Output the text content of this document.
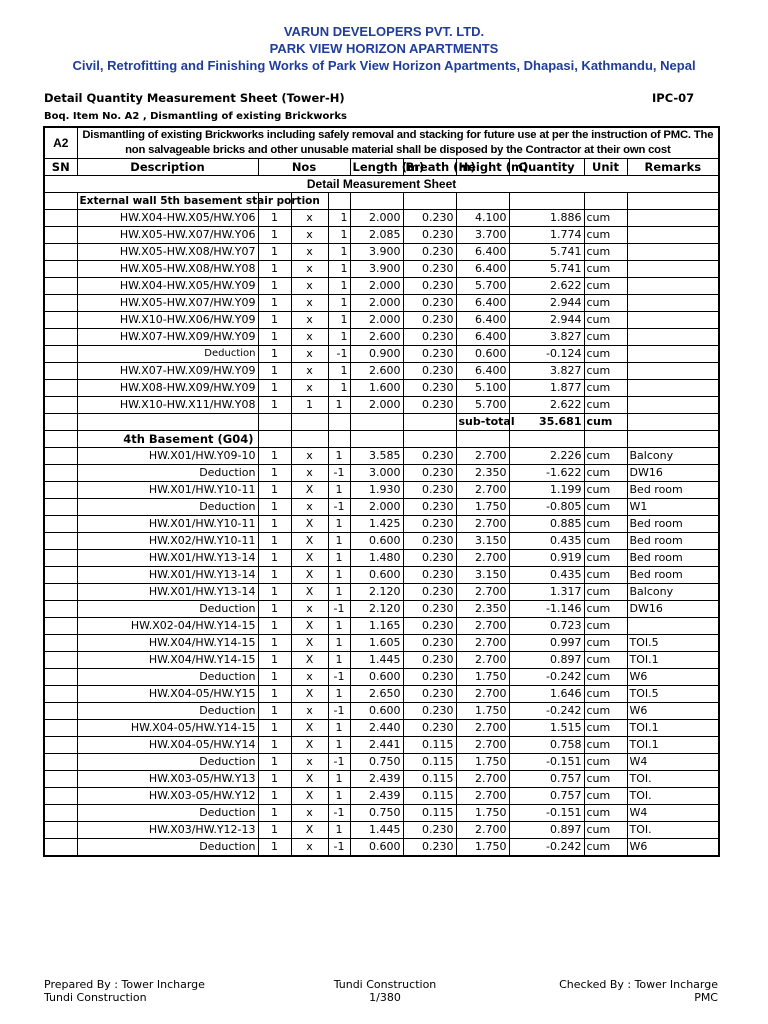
VARUN DEVELOPERS PVT. LTD.
PARK VIEW HORIZON APARTMENTS
Civil, Retrofitting and Finishing Works of Park View Horizon Apartments, Dhapasi, Kathmandu, Nepal
Detail Quantity Measurement Sheet (Tower-H)	IPC-07
Boq. Item No. A2 , Dismantling of existing Brickworks
A2	Dismantling of existing Brickworks including safely removal and stacking for future use at per the instruction of PMC. The non salvageable bricks and other unusable material shall be disposed by the Contractor at their own cost									
SN	Description	Nos			Length (m)	Breath (m)	Height (m)	Quantity	Unit	Remarks
Detail Measurement Sheet										
	External wall 5th basement stair portion									
	HW.X04-HW.X05/HW.Y06	1	x	1	2.000	0.230	4.100	1.886	cum	
	HW.X05-HW.X07/HW.Y06	1	x	1	2.085	0.230	3.700	1.774	cum	
	HW.X05-HW.X08/HW.Y07	1	x	1	3.900	0.230	6.400	5.741	cum	
	HW.X05-HW.X08/HW.Y08	1	x	1	3.900	0.230	6.400	5.741	cum	
	HW.X04-HW.X05/HW.Y09	1	x	1	2.000	0.230	5.700	2.622	cum	
	HW.X05-HW.X07/HW.Y09	1	x	1	2.000	0.230	6.400	2.944	cum	
	HW.X10-HW.X06/HW.Y09	1	x	1	2.000	0.230	6.400	2.944	cum	
	HW.X07-HW.X09/HW.Y09	1	x	1	2.600	0.230	6.400	3.827	cum	
	Deduction	1	x	-1	0.900	0.230	0.600	-0.124	cum	
	HW.X07-HW.X09/HW.Y09	1	x	1	2.600	0.230	6.400	3.827	cum	
	HW.X08-HW.X09/HW.Y09	1	x	1	1.600	0.230	5.100	1.877	cum	
	HW.X10-HW.X11/HW.Y08	1	1	1	2.000	0.230	5.700	2.622	cum	
							sub-total	35.681	cum	
	4th Basement (G04)									
	HW.X01/HW.Y09-10	1	x	1	3.585	0.230	2.700	2.226	cum	Balcony
	Deduction	1	x	-1	3.000	0.230	2.350	-1.622	cum	DW16
	HW.X01/HW.Y10-11	1	X	1	1.930	0.230	2.700	1.199	cum	Bed room
	Deduction	1	x	-1	2.000	0.230	1.750	-0.805	cum	W1
	HW.X01/HW.Y10-11	1	X	1	1.425	0.230	2.700	0.885	cum	Bed room
	HW.X02/HW.Y10-11	1	X	1	0.600	0.230	3.150	0.435	cum	Bed room
	HW.X01/HW.Y13-14	1	X	1	1.480	0.230	2.700	0.919	cum	Bed room
	HW.X01/HW.Y13-14	1	X	1	0.600	0.230	3.150	0.435	cum	Bed room
	HW.X01/HW.Y13-14	1	X	1	2.120	0.230	2.700	1.317	cum	Balcony
	Deduction	1	x	-1	2.120	0.230	2.350	-1.146	cum	DW16
	HW.X02-04/HW.Y14-15	1	X	1	1.165	0.230	2.700	0.723	cum	
	HW.X04/HW.Y14-15	1	X	1	1.605	0.230	2.700	0.997	cum	TOI.5
	HW.X04/HW.Y14-15	1	X	1	1.445	0.230	2.700	0.897	cum	TOI.1
	Deduction	1	x	-1	0.600	0.230	1.750	-0.242	cum	W6
	HW.X04-05/HW.Y15	1	X	1	2.650	0.230	2.700	1.646	cum	TOI.5
	Deduction	1	x	-1	0.600	0.230	1.750	-0.242	cum	W6
	HW.X04-05/HW.Y14-15	1	X	1	2.440	0.230	2.700	1.515	cum	TOI.1
	HW.X04-05/HW.Y14	1	X	1	2.441	0.115	2.700	0.758	cum	TOI.1
	Deduction	1	x	-1	0.750	0.115	1.750	-0.151	cum	W4
	HW.X03-05/HW.Y13	1	X	1	2.439	0.115	2.700	0.757	cum	TOI.
	HW.X03-05/HW.Y12	1	X	1	2.439	0.115	2.700	0.757	cum	TOI.
	Deduction	1	x	-1	0.750	0.115	1.750	-0.151	cum	W4
	HW.X03/HW.Y12-13	1	X	1	1.445	0.230	2.700	0.897	cum	TOI.
	Deduction	1	x	-1	0.600	0.230	1.750	-0.242	cum	W6
Prepared By : Tower Incharge
Tundi Construction
Tundi Construction
1/380
Checked By : Tower Incharge
PMC
